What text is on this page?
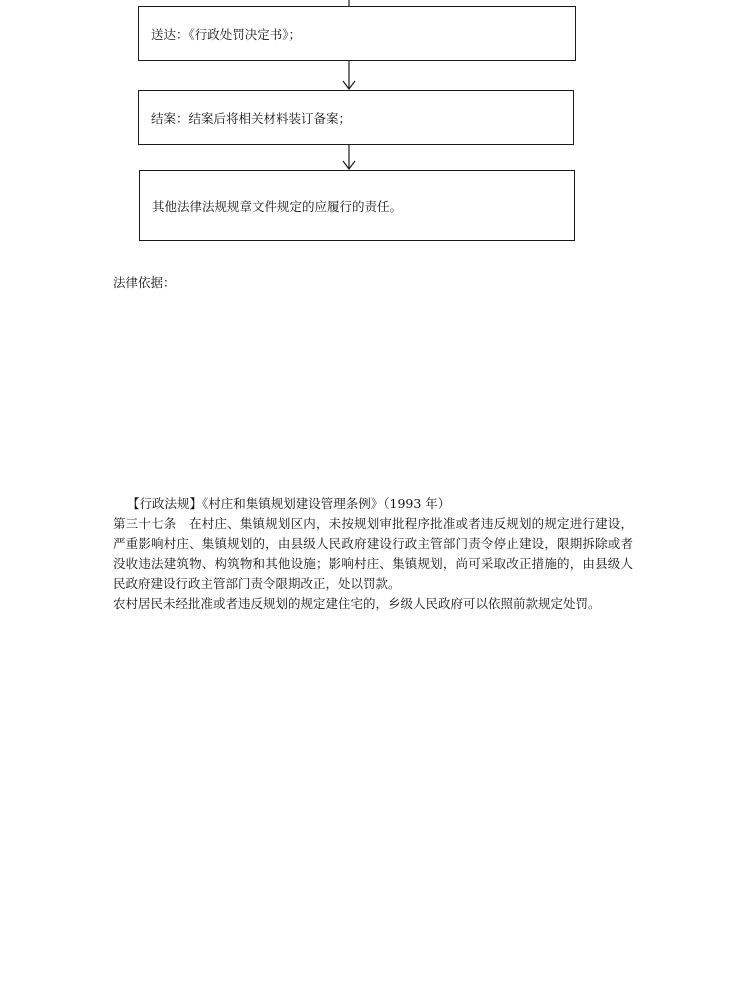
送达：《行政处罚决定书》；
结案：结案后将相关材料装订备案；
其他法律法规规章文件规定的应履行的责任。
法律依据：
【行政法规】《村庄和集镇规划建设管理条例》（1993 年）

第三十七条　在村庄、集镇规划区内，未按规划审批程序批准或者违反规划的规定进行建设，严重影响村庄、集镇规划的，由县级人民政府建设行政主管部门责令停止建设，限期拆除或者没收违法建筑物、构筑物和其他设施；影响村庄、集镇规划，尚可采取改正措施的，由县级人民政府建设行政主管部门责令限期改正，处以罚款。

农村居民未经批准或者违反规划的规定建住宅的，乡级人民政府可以依照前款规定处罚。
